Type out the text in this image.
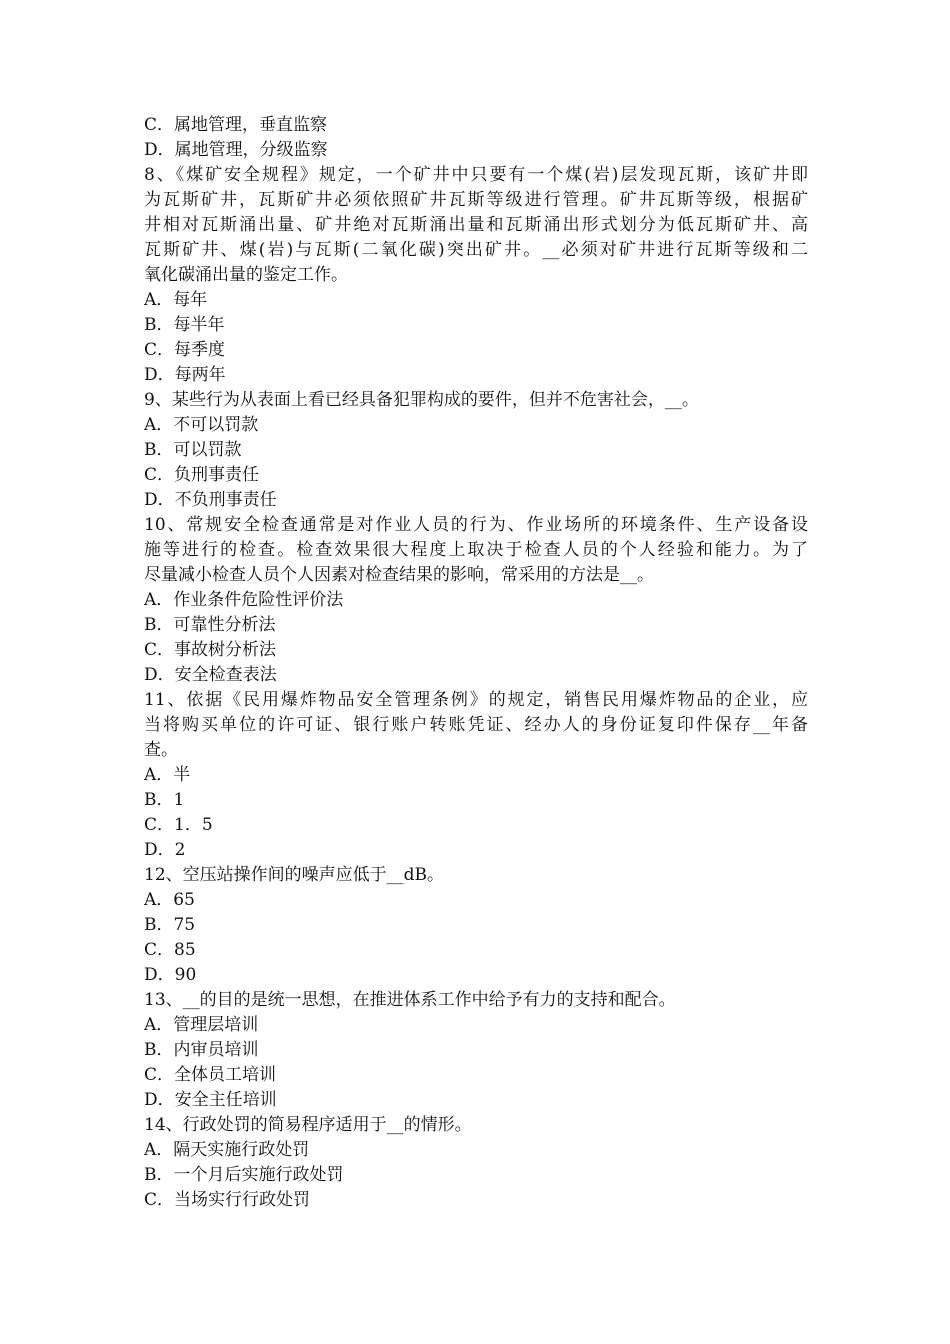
C．属地管理，垂直监察
D．属地管理，分级监察
8、《煤矿安全规程》规定，一个矿井中只要有一个煤(岩)层发现瓦斯，该矿井即
为瓦斯矿井，瓦斯矿井必须依照矿井瓦斯等级进行管理。矿井瓦斯等级，根据矿
井相对瓦斯涌出量、矿井绝对瓦斯涌出量和瓦斯涌出形式划分为低瓦斯矿井、高
瓦斯矿井、煤(岩)与瓦斯(二氧化碳)突出矿井。__必须对矿井进行瓦斯等级和二
氧化碳涌出量的鉴定工作。
A．每年
B．每半年
C．每季度
D．每两年
9、某些行为从表面上看已经具备犯罪构成的要件，但并不危害社会，__。
A．不可以罚款
B．可以罚款
C．负刑事责任
D．不负刑事责任
10、常规安全检查通常是对作业人员的行为、作业场所的环境条件、生产设备设
施等进行的检查。检查效果很大程度上取决于检查人员的个人经验和能力。为了
尽量减小检查人员个人因素对检查结果的影响，常采用的方法是__。
A．作业条件危险性评价法
B．可靠性分析法
C．事故树分析法
D．安全检查表法
11、依据《民用爆炸物品安全管理条例》的规定，销售民用爆炸物品的企业，应
当将购买单位的许可证、银行账户转账凭证、经办人的身份证复印件保存__年备
查。
A．半
B．1
C．1．5
D．2
12、空压站操作间的噪声应低于__dB。
A．65
B．75
C．85
D．90
13、__的目的是统一思想，在推进体系工作中给予有力的支持和配合。
A．管理层培训
B．内审员培训
C．全体员工培训
D．安全主任培训
14、行政处罚的简易程序适用于__的情形。
A．隔天实施行政处罚
B．一个月后实施行政处罚
C．当场实行行政处罚
